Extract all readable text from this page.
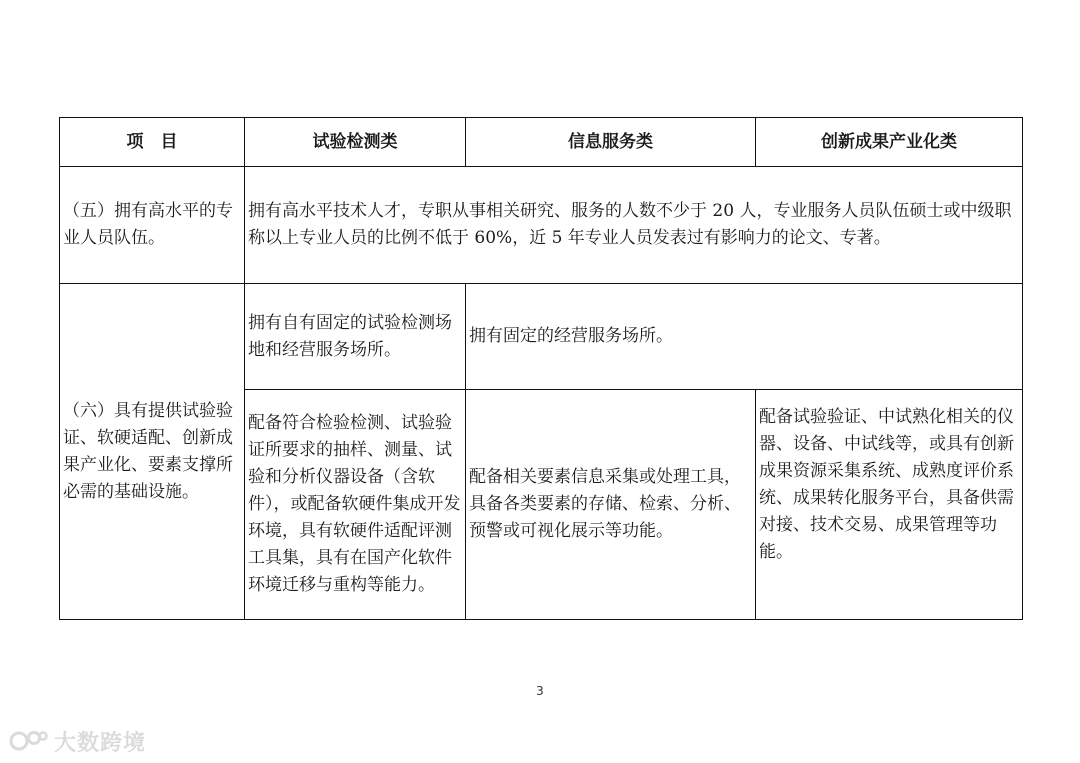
项　目	试验检测类	信息服务类	创新成果产业化类

（五）拥有高水平的专业人员队伍。	拥有高水平技术人才，专职从事相关研究、服务的人数不少于 20 人，专业服务人员队伍硕士或中级职称以上专业人员的比例不低于 60%，近 5 年专业人员发表过有影响力的论文、专著。		

（六）具有提供试验验证、软硬适配、创新成果产业化、要素支撑所必需的基础设施。	拥有自有固定的试验检测场地和经营服务场所。	拥有固定的经营服务场所。	

	配备符合检验检测、试验验证所要求的抽样、测量、试验和分析仪器设备（含软件），或配备软硬件集成开发环境，具有软硬件适配评测工具集，具有在国产化软件环境迁移与重构等能力。	配备相关要素信息采集或处理工具，具备各类要素的存储、检索、分析、预警或可视化展示等功能。	配备试验验证、中试熟化相关的仪器、设备、中试线等，或具有创新成果资源采集系统、成熟度评价系统、成果转化服务平台，具备供需对接、技术交易、成果管理等功能。
3
大数跨境
